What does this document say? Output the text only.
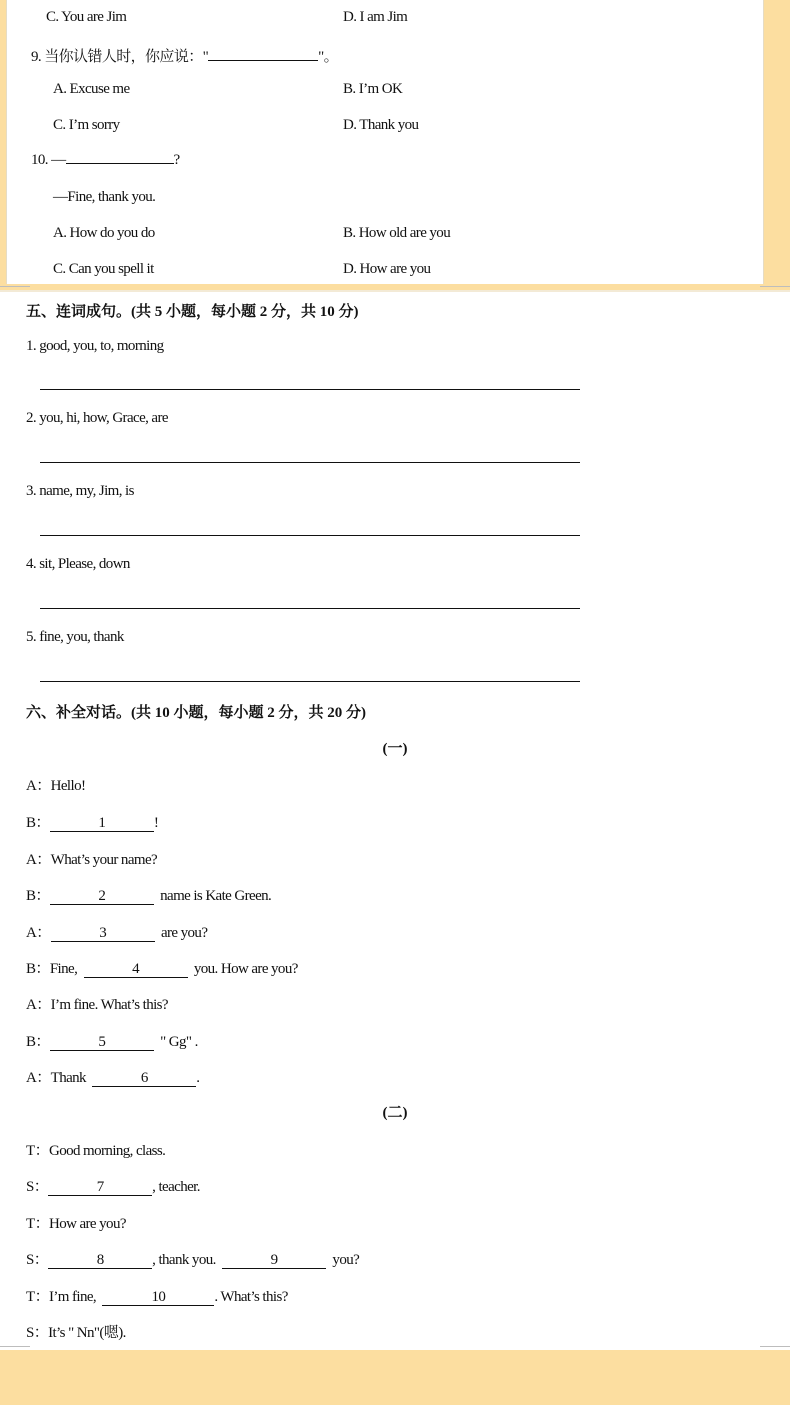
C. You are Jim	D. I am Jim
9. 当你认错人时，你应说："	"。
A. Excuse me	B. I’m OK
C. I’m sorry	D. Thank you
10. —	?
—Fine, thank you.
A. How do you do	B. How old are you
C. Can you spell it	D. How are you
五、连词成句。(共 5 小题，每小题 2 分，共 10 分)
1. good, you, to, morning
2. you, hi, how, Grace, are
3. name, my, Jim, is
4. sit, Please, down
5. fine, you, thank
六、补全对话。(共 10 小题，每小题 2 分，共 20 分)
(一)
A：Hello!
B：	1	!
A：What’s your name?
B：	2	name is Kate Green.
A：	3	are you?
B：Fine,	4	you. How are you?
A：I’m fine. What’s this?
B：	5	" Gg" .
A：Thank	6	.
(二)
T：Good morning, class.
S：	7	, teacher.
T：How are you?
S：	8	, thank you.	9	you?
T：I’m fine,	10	. What’s this?
S：It’s " Nn"(嗯).
